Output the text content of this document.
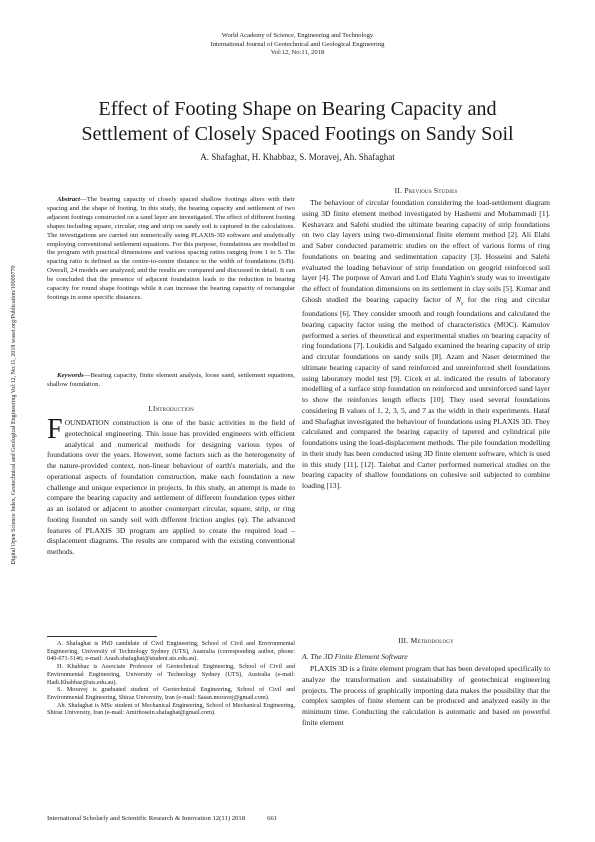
World Academy of Science, Engineering and Technology
International Journal of Geotechnical and Geological Engineering
Vol:12, No:11, 2018
Digital Open Science Index, Geotechnical and Geological Engineering Vol:12, No:11, 2018 waset.org/Publication/10009770
Effect of Footing Shape on Bearing Capacity and
Settlement of Closely Spaced Footings on Sandy Soil
A. Shafaghat, H. Khabbaz, S. Moravej, Ah. Shafaghat

Abstract—The bearing capacity of closely spaced shallow footings alters with their spacing and the shape of footing. In this study, the bearing capacity and settlement of two adjacent footings constructed on a sand layer are investigated. The effect of different footing shapes including square, circular, ring and strip on sandy soil is captured in the calculations. The investigations are carried out numerically using PLAXIS-3D software and analytically employing conventional settlement equations. For this purpose, foundations are modelled in the program with practical dimensions and various spacing ratios ranging from 1 to 5. The spacing ratio is defined as the centre-to-centre distance to the width of foundations (S/B). Overall, 24 models are analyzed; and the results are compared and discussed in detail. It can be concluded that the presence of adjacent foundation leads to the reduction in bearing capacity for round shape footings while it can increase the bearing capacity of rectangular footings in some specific distances.

Keywords—Bearing capacity, finite element analysis, loose sand, settlement equations, shallow foundation.

I.Introduction

FOUNDATION construction is one of the basic activities in the field of geotechnical engineering. This issue has provided engineers with efficient analytical and numerical methods for designing various types of foundations over the years. However, some factors such as the heterogeneity of the nature-provided context, non-linear behaviour of earth's materials, and the operational aspects of foundation construction, make each foundation a new challenge and unique experience in projects. In this study, an attempt is made to compare the bearing capacity and settlement of different foundation types either as an isolated or adjacent to another counterpart circular, square, strip, or ring footing founded on sandy soil with different friction angles (φ). The advanced features of PLAXIS 3D program are applied to create the required load –displacement diagrams. The results are compared with the existing conventional methods.

A. Shafaghat is PhD candidate of Civil Engineering, School of Civil and Environmental Engineering, University of Technology Sydney (UTS), Australia (corresponding author, phone: 040-671-3146; e-mail: Arash.shafaghat@student.uts.edu.au).

H. Khabbaz is Associate Professor of Geotechnical Engineering, School of Civil and Environmental Engineering, University of Technology Sydney (UTS), Australia (e-mail: Hadi.Khabbaz@uts.edu.au).

S. Moravej is graduated student of Geotechnical Engineering, School of Civil and Environmental Engineering, Shiraz University, Iran (e-mail: Sasan.moravej@gmail.com).

Ah. Shafaghat is MSc student of Mechanical Engineering, School of Mechanical Engineering, Shiraz University, Iran (e-mail: Amirhosein.shafaghat@gmail.com).

II. Previous Studies

The behaviour of circular foundation considering the load-settlement diagram using 3D finite element method investigated by Hashemi and Mohammadi [1]. Keshavarz and Salehi studied the ultimate bearing capacity of strip foundations on two clay layers using two-dimensional finite element method [2]. Ali Elahi and Saber conducted parametric studies on the effect of various forms of ring foundations on bearing and sedimentation capacity [3]. Hosseini and Salehi evaluated the loading behaviour of strip foundation on geogrid reinforced soil layer [4]. The purpose of Anvari and Lotf Elahi Yaghin's study was to investigate the effect of foundation dimensions on its settlement in clay soils [5]. Kumar and Ghosh studied the bearing capacity factor of $N_\gamma$ for the ring and circular foundations [6]. They consider smooth and rough foundations and calculated the bearing capacity factor using the method of characteristics (MOC). Kamulov performed a series of theoretical and experimental studies on bearing capacity of ring foundations [7]. Loukidis and Salgado examined the bearing capacity of strip and circular foundations on sandy soils [8]. Azam and Naser determined the ultimate bearing capacity of sand reinforced and unreinforced shell foundations using laboratory model test [9]. Cicek et al. indicated the results of laboratory modelling of a surface strip foundation on reinforced and unreinforced sand layer to show the reinforces length effects [10]. They used several foundations considering B values of 1, 2, 3, 5, and 7 as the width in their experiments. Hataf and Shafaghat investigated the behaviour of foundations using PLAXIS 3D. They calculated and compared the bearing capacity of tapered and cylindrical pile foundations using the load-displacement methods. The pile foundation modelling in their study has been conducted using 3D finite element software, which is used in this study [11], [12]. Taiebat and Carter performed numerical studies on the bearing capacity of shallow foundations on cohesive soil subjected to combine loading [13].

III. Methodology
A. The 3D Finite Element Software

PLAXIS 3D is a finite element program that has been developed specifically to analyze the transformation and sustainability of geotechnical engineering projects. The process of graphically importing data makes the possibility that the complex samples of finite element can be produced and analyzed easily in the minimum time. Conducting the calculation is automatic and based on powerful finite element

International Scholarly and Scientific Research & Innovation 12(11) 2018	661
